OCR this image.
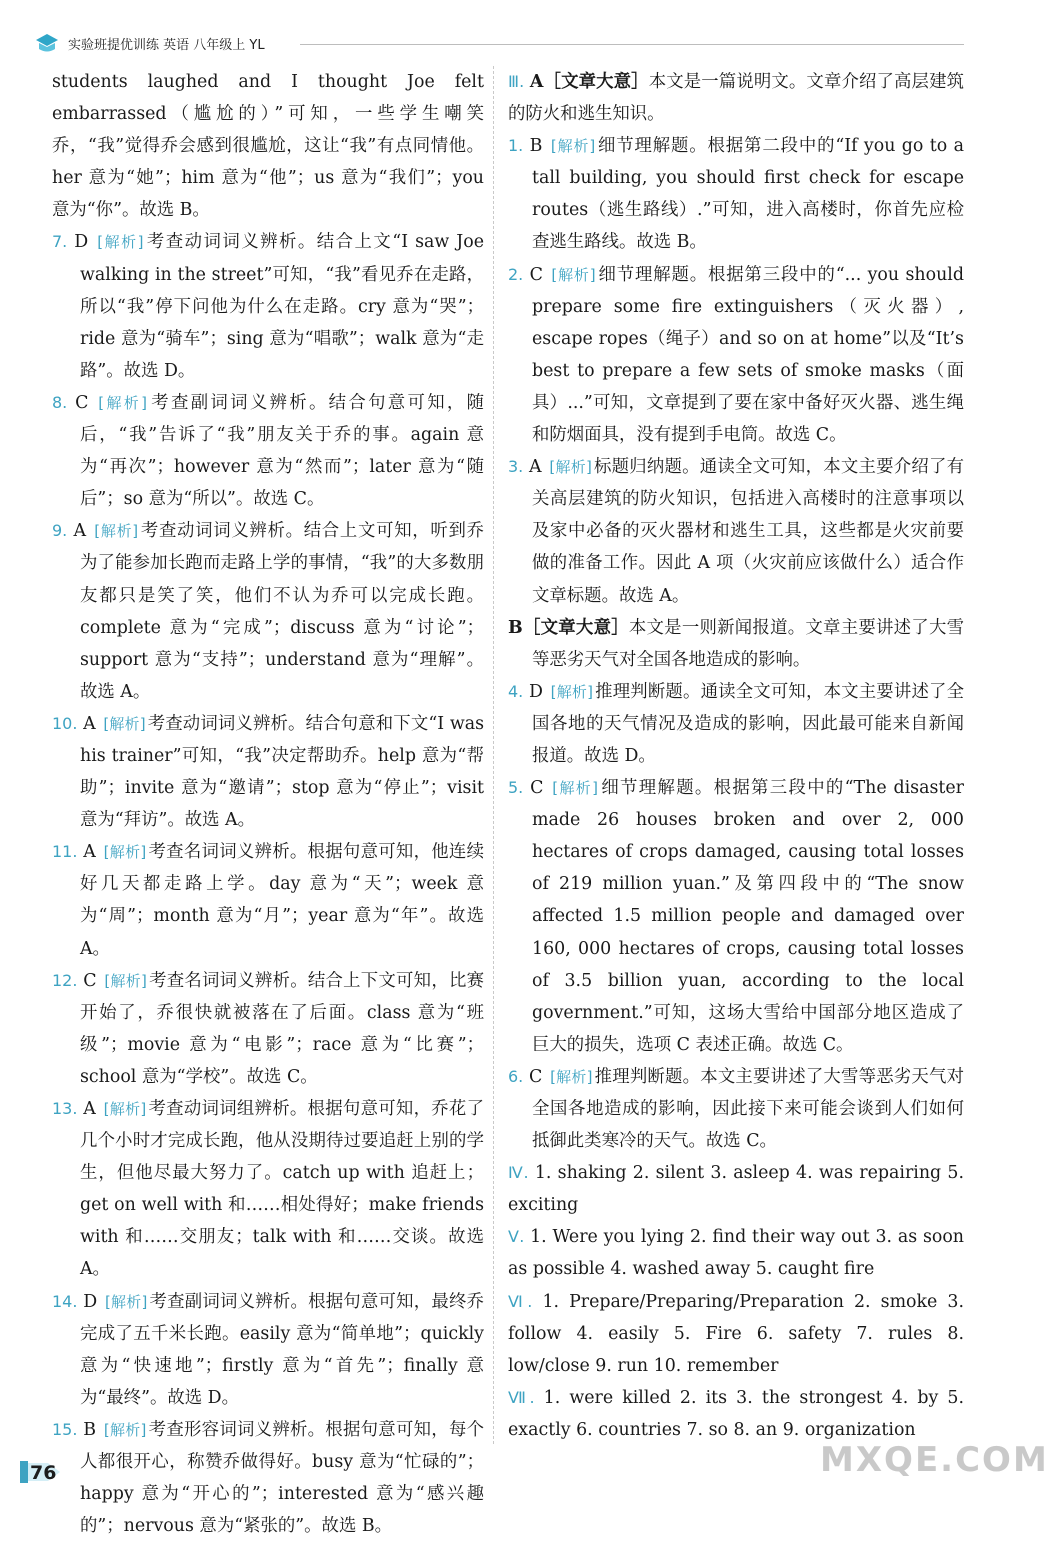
实验班提优训练 英语 八年级上 YL

students laughed and I thought Joe felt embarrassed（尴尬的）”可知，一些学生嘲笑乔，“我”觉得乔会感到很尴尬，这让“我”有点同情他。her 意为“她”；him 意为“他”；us 意为“我们”；you 意为“你”。故选 B。

7. D [解析] 考查动词词义辨析。结合上文“I saw Joe walking in the street”可知，“我”看见乔在走路，所以“我”停下问他为什么在走路。cry 意为“哭”；ride 意为“骑车”；sing 意为“唱歌”；walk 意为“走路”。故选 D。

8. C [解析] 考查副词词义辨析。结合句意可知，随后，“我”告诉了“我”朋友关于乔的事。again 意为“再次”；however 意为“然而”；later 意为“随后”；so 意为“所以”。故选 C。

9. A [解析] 考查动词词义辨析。结合上文可知，听到乔为了能参加长跑而走路上学的事情，“我”的大多数朋友都只是笑了笑，他们不认为乔可以完成长跑。complete 意为“完成”；discuss 意为“讨论”；support 意为“支持”；understand 意为“理解”。故选 A。

10. A [解析] 考查动词词义辨析。结合句意和下文“I was his trainer”可知，“我”决定帮助乔。help 意为“帮助”；invite 意为“邀请”；stop 意为“停止”；visit 意为“拜访”。故选 A。

11. A [解析] 考查名词词义辨析。根据句意可知，他连续好几天都走路上学。day 意为“天”；week 意为“周”；month 意为“月”；year 意为“年”。故选 A。

12. C [解析] 考查名词词义辨析。结合上下文可知，比赛开始了，乔很快就被落在了后面。class 意为“班级”；movie 意为“电影”；race 意为“比赛”；school 意为“学校”。故选 C。

13. A [解析] 考查动词词组辨析。根据句意可知，乔花了几个小时才完成长跑，他从没期待过要追赶上别的学生，但他尽最大努力了。catch up with 追赶上；get on well with 和……相处得好；make friends with 和……交朋友；talk with 和……交谈。故选 A。

14. D [解析] 考查副词词义辨析。根据句意可知，最终乔完成了五千米长跑。easily 意为“简单地”；quickly 意为“快速地”；firstly 意为“首先”；finally 意为“最终”。故选 D。

15. B [解析] 考查形容词词义辨析。根据句意可知，每个人都很开心，称赞乔做得好。busy 意为“忙碌的”；happy 意为“开心的”；interested 意为“感兴趣的”；nervous 意为“紧张的”。故选 B。

Ⅲ. A［文章大意］本文是一篇说明文。文章介绍了高层建筑的防火和逃生知识。

1. B [解析] 细节理解题。根据第二段中的“If you go to a tall building, you should first check for escape routes（逃生路线）.”可知，进入高楼时，你首先应检查逃生路线。故选 B。

2. C [解析] 细节理解题。根据第三段中的“... you should prepare some fire extinguishers（灭火器）, escape ropes（绳子）and so on at home”以及“It’s best to prepare a few sets of smoke masks（面具）...”可知，文章提到了要在家中备好灭火器、逃生绳和防烟面具，没有提到手电筒。故选 C。

3. A [解析] 标题归纳题。通读全文可知，本文主要介绍了有关高层建筑的防火知识，包括进入高楼时的注意事项以及家中必备的灭火器材和逃生工具，这些都是火灾前要做的准备工作。因此 A 项（火灾前应该做什么）适合作文章标题。故选 A。

B［文章大意］本文是一则新闻报道。文章主要讲述了大雪等恶劣天气对全国各地造成的影响。

4. D [解析] 推理判断题。通读全文可知，本文主要讲述了全国各地的天气情况及造成的影响，因此最可能来自新闻报道。故选 D。

5. C [解析] 细节理解题。根据第三段中的“The disaster made 26 houses broken and over 2, 000 hectares of crops damaged, causing total losses of 219 million yuan.”及第四段中的“The snow affected 1.5 million people and damaged over 160, 000 hectares of crops, causing total losses of 3.5 billion yuan, according to the local government.”可知，这场大雪给中国部分地区造成了巨大的损失，选项 C 表述正确。故选 C。

6. C [解析] 推理判断题。本文主要讲述了大雪等恶劣天气对全国各地造成的影响，因此接下来可能会谈到人们如何抵御此类寒冷的天气。故选 C。

Ⅳ. 1. shaking 2. silent 3. asleep 4. was repairing 5. exciting

Ⅴ. 1. Were you lying 2. find their way out 3. as soon as possible 4. washed away 5. caught fire

Ⅵ. 1. Prepare/Preparing/Preparation 2. smoke 3. follow 4. easily 5. Fire 6. safety 7. rules 8. low/close 9. run 10. remember

Ⅶ. 1. were killed 2. its 3. the strongest 4. by 5. exactly 6. countries 7. so 8. an 9. organization

76	MXQE.COM
